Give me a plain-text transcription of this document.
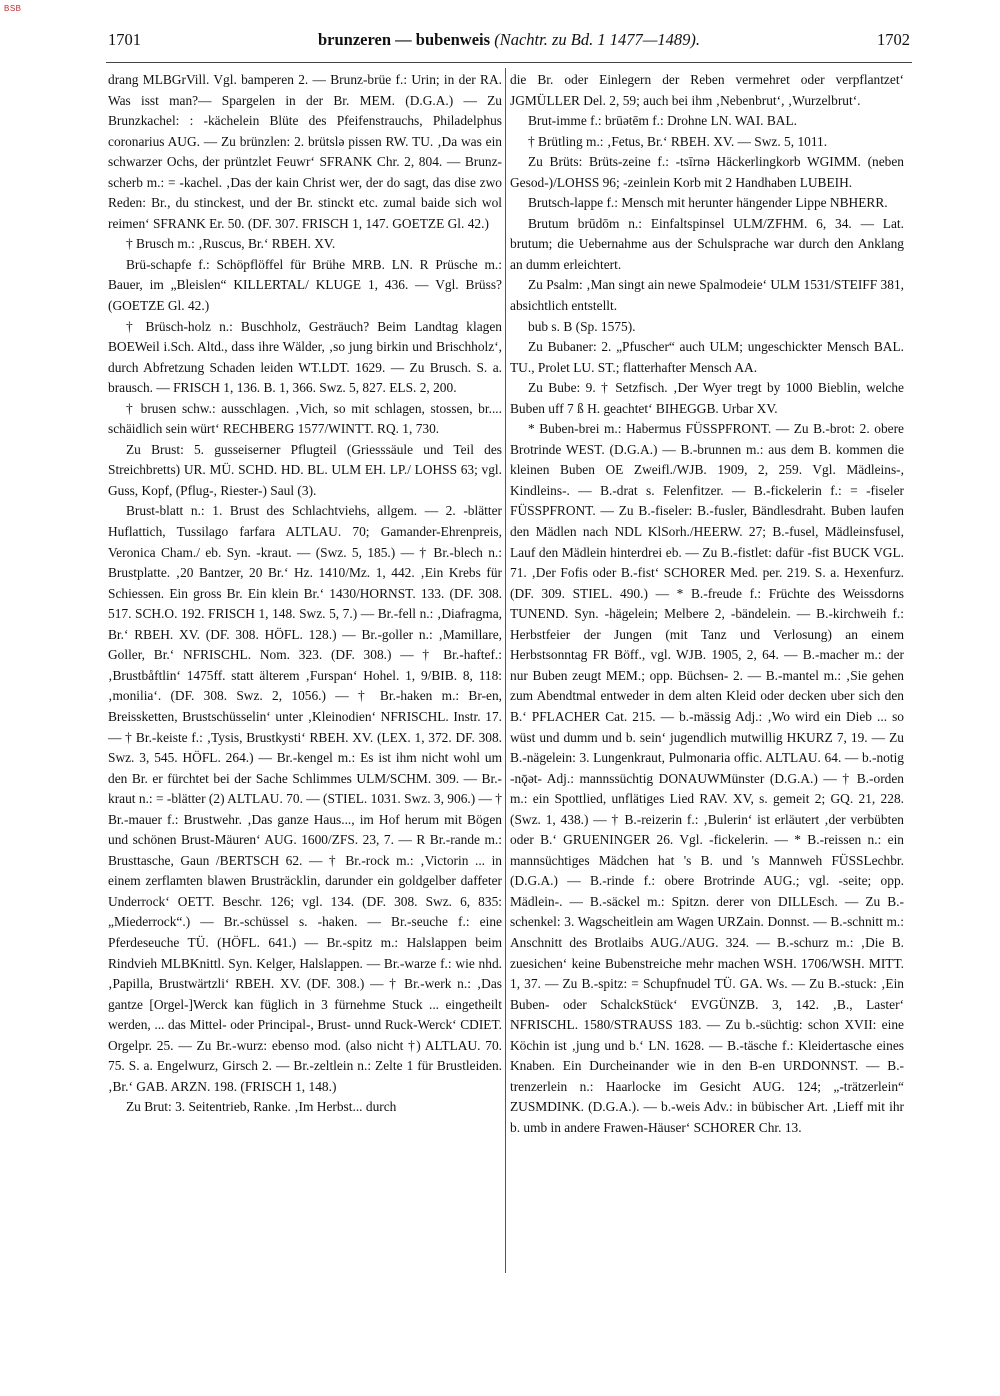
BSB
1701	brunzeren — bubenweis (Nachtr. zu Bd. 1 1477—1489).	1702

drang MLBGrVill. Vgl. bamperen 2. — Brunz-brüe f.: Urin; in der RA. Was isst man?— Spargelen in der Br. MEM. (D.G.A.) — Zu Brunzkachel: : -kächelein Blüte des Pfeifenstrauchs, Philadelphus coronarius AUG. — Zu brünzlen: 2. brütslə pissen RW. TU. ‚Da was ein schwarzer Ochs, der prüntzlet Feuwr‘ SFRANK Chr. 2, 804. — Brunz-scherb m.: = -kachel. ‚Das der kain Christ wer, der do sagt, das dise zwo Reden: Br., du stinckest, und der Br. stinckt etc. zumal baide sich wol reimen‘ SFRANK Er. 50. (DF. 307. FRISCH 1, 147. GOETZE Gl. 42.)

† Brusch m.: ‚Ruscus, Br.‘ RBEH. XV.

Brü-schapfe f.: Schöpflöffel für Brühe MRB. LN. R Prüsche m.: Bauer, im „Bleislen“ KILLERTAL/ KLUGE 1, 436. — Vgl. Brüss? (GOETZE Gl. 42.)

† Brüsch-holz n.: Buschholz, Gesträuch? Beim Landtag klagen BOEWeil i.Sch. Altd., dass ihre Wälder, ‚so jung birkin und Brischholz‘, durch Abfretzung Schaden leiden WT.LDT. 1629. — Zu Brusch. S. a. brausch. — FRISCH 1, 136. B. 1, 366. Swz. 5, 827. ELS. 2, 200.

† brusen schw.: ausschlagen. ‚Vich, so mit schlagen, stossen, br.... schäidlich sein würt‘ RECHBERG 1577/WINTT. RQ. 1, 730.

Zu Brust: 5. gusseiserner Pflugteil (Griesssäule und Teil des Streichbretts) UR. MÜ. SCHD. HD. BL. ULM EH. LP./ LOHSS 63; vgl. Guss, Kopf, (Pflug-, Riester-) Saul (3).

Brust-blatt n.: 1. Brust des Schlachtviehs, allgem. — 2. -blätter Huflattich, Tussilago farfara ALTLAU. 70; Gamander-Ehrenpreis, Veronica Cham./ eb. Syn. -kraut. — (Swz. 5, 185.) — † Br.-blech n.: Brustplatte. ‚20 Bantzer, 20 Br.‘ Hz. 1410/Mz. 1, 442. ‚Ein Krebs für Schiessen. Ein gross Br. Ein klein Br.‘ 1430/HORNST. 133. (DF. 308. 517. SCH.O. 192. FRISCH 1, 148. Swz. 5, 7.) — Br.-fell n.: ‚Diafragma, Br.‘ RBEH. XV. (DF. 308. HÖFL. 128.) — Br.-goller n.: ‚Mamillare, Goller, Br.‘ NFRISCHL. Nom. 323. (DF. 308.) — † Br.-haftef.: ‚Brustbåftlin‘ 1475ff. statt älterem ‚Furspan‘ Hohel. 1, 9/BIB. 8, 118: ‚monilia‘. (DF. 308. Swz. 2, 1056.) — † Br.-haken m.: Br-en, Breissketten, Brustschüsselin‘ unter ‚Kleinodien‘ NFRISCHL. Instr. 17. — † Br.-keiste f.: ‚Tysis, Brustkysti‘ RBEH. XV. (LEX. 1, 372. DF. 308. Swz. 3, 545. HÖFL. 264.) — Br.-kengel m.: Es ist ihm nicht wohl um den Br. er fürchtet bei der Sache Schlimmes ULM/SCHM. 309. — Br.-kraut n.: = -blätter (2) ALTLAU. 70. — (STIEL. 1031. Swz. 3, 906.) — † Br.-mauer f.: Brustwehr. ‚Das ganze Haus..., im Hof herum mit Bögen und schönen Brust-Mäuren‘ AUG. 1600/ZFS. 23, 7. — R Br.-rande m.: Brusttasche, Gaun /BERTSCH 62. — † Br.-rock m.: ‚Victorin ... in einem zerflamten blawen Brusträcklin, darunder ein goldgelber daffeter Underrock‘ OETT. Beschr. 126; vgl. 134. (DF. 308. Swz. 6, 835: „Miederrock“.) — Br.-schüssel s. -haken. — Br.-seuche f.: eine Pferdeseuche TÜ. (HÖFL. 641.) — Br.-spitz m.: Halslappen beim Rindvieh MLBKnittl. Syn. Kelger, Halslappen. — Br.-warze f.: wie nhd. ‚Papilla, Brustwärtzli‘ RBEH. XV. (DF. 308.) — † Br.-werk n.: ‚Das gantze [Orgel-]Werck kan füglich in 3 fürnehme Stuck ... eingetheilt werden, ... das Mittel- oder Principal-, Brust- unnd Ruck-Werck‘ CDIET. Orgelpr. 25. — Zu Br.-wurz: ebenso mod. (also nicht †) ALTLAU. 70. 75. S. a. Engelwurz, Girsch 2. — Br.-zeltlein n.: Zelte 1 für Brustleiden. ‚Br.‘ GAB. ARZN. 198. (FRISCH 1, 148.)

Zu Brut: 3. Seitentrieb, Ranke. ‚Im Herbst... durch

die Br. oder Einlegern der Reben vermehret oder verpflantzet‘ JGMÜLLER Del. 2, 59; auch bei ihm ‚Nebenbrut‘, ‚Wurzelbrut‘.

Brut-imme f.: brūətēm f.: Drohne LN. WAI. BAL.

† Brütling m.: ‚Fetus, Br.‘ RBEH. XV. — Swz. 5, 1011.

Zu Brüts: Brüts-zeine f.: -tsīrnə Häckerlingkorb WGIMM. (neben Gesod-)/LOHSS 96; -zeinlein Korb mit 2 Handhaben LUBEIH.

Brutsch-lappe f.: Mensch mit herunter hängender Lippe NBHERR.

Brutum brūdōm n.: Einfaltspinsel ULM/ZFHM. 6, 34. — Lat. brutum; die Uebernahme aus der Schulsprache war durch den Anklang an dumm erleichtert.

Zu Psalm: ‚Man singt ain newe Spalmodeie‘ ULM 1531/STEIFF 381, absichtlich entstellt.

bub s. B (Sp. 1575).

Zu Bubaner: 2. „Pfuscher“ auch ULM; ungeschickter Mensch BAL. TU., Prolet LU. ST.; flatterhafter Mensch AA.

Zu Bube: 9. † Setzfisch. ‚Der Wyer tregt by 1000 Bieblin, welche Buben uff 7 ß H. geachtet‘ BIHEGGB. Urbar XV.

* Buben-brei m.: Habermus FÜSSPFRONT. — Zu B.-brot: 2. obere Brotrinde WEST. (D.G.A.) — B.-brunnen m.: aus dem B. kommen die kleinen Buben OE Zweifl./WJB. 1909, 2, 259. Vgl. Mädleins-, Kindleins-. — B.-drat s. Felenfitzer. — B.-fickelerin f.: = -fiseler FÜSSPFRONT. — Zu B.-fiseler: B.-fusler, Bändlesdraht. Buben laufen den Mädlen nach NDL KlSorh./HEERW. 27; B.-fusel, Mädleinsfusel, Lauf den Mädlein hinterdrei eb. — Zu B.-fistlet: dafür -fist BUCK VGL. 71. ‚Der Fofis oder B.-fist‘ SCHORER Med. per. 219. S. a. Hexenfurz. (DF. 309. STIEL. 490.) — * B.-freude f.: Früchte des Weissdorns TUNEND. Syn. -hägelein; Melbere 2, -bändelein. — B.-kirchweih f.: Herbstfeier der Jungen (mit Tanz und Verlosung) an einem Herbstsonntag FR Böff., vgl. WJB. 1905, 2, 64. — B.-macher m.: der nur Buben zeugt MEM.; opp. Büchsen- 2. — B.-mantel m.: ‚Sie gehen zum Abendtmal entweder in dem alten Kleid oder decken uber sich den B.‘ PFLACHER Cat. 215. — b.-mässig Adj.: ‚Wo wird ein Dieb ... so wüst und dumm und b. sein‘ jugendlich mutwillig HKURZ 7, 19. — Zu B.-nägelein: 3. Lungenkraut, Pulmonaria offic. ALTLAU. 64. — b.-notig -nǭət- Adj.: mannssüchtig DONAUWMünster (D.G.A.) — † B.-orden m.: ein Spottlied, unflätiges Lied RAV. XV, s. gemeit 2; GQ. 21, 228. (Swz. 1, 438.) — † B.-reizerin f.: ‚Bulerin‘ ist erläutert ‚der verbübten oder B.‘ GRUENINGER 26. Vgl. -fickelerin. — * B.-reissen n.: ein mannsüchtiges Mädchen hat 's B. und 's Mannweh FÜSSLechbr. (D.G.A.) — B.-rinde f.: obere Brotrinde AUG.; vgl. -seite; opp. Mädlein-. — B.-säckel m.: Spitzn. derer von DILLEsch. — Zu B.-schenkel: 3. Wagscheitlein am Wagen URZain. Donnst. — B.-schnitt m.: Anschnitt des Brotlaibs AUG./AUG. 324. — B.-schurz m.: ‚Die B. zuesichen‘ keine Bubenstreiche mehr machen WSH. 1706/WSH. MITT. 1, 37. — Zu B.-spitz: = Schupfnudel TÜ. GA. Ws. — Zu B.-stuck: ‚Ein Buben- oder SchalckStück‘ EVGÜNZB. 3, 142. ‚B., Laster‘ NFRISCHL. 1580/STRAUSS 183. — Zu b.-süchtig: schon XVII: eine Köchin ist ‚jung und b.‘ LN. 1628. — B.-täsche f.: Kleidertasche eines Knaben. Ein Durcheinander wie in den B-en URDONNST. — B.-trenzerlein n.: Haarlocke im Gesicht AUG. 124; „-trätzerlein“ ZUSMDINK. (D.G.A.). — b.-weis Adv.: in bübischer Art. ‚Lieff mit ihr b. umb in andere Frawen-Häuser‘ SCHORER Chr. 13.
